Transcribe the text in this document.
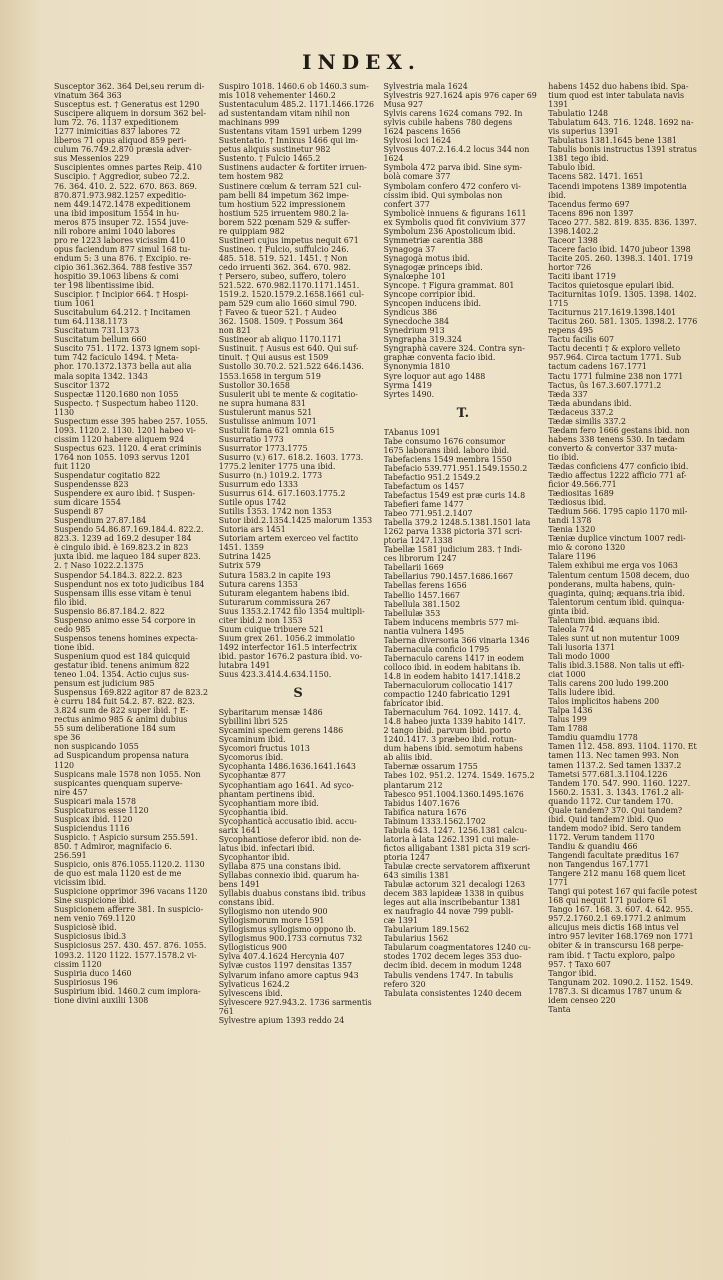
INDEX.

Susceptor 362. 364 Dei,seu rerum di-

vinatum 364 363

Susceptus est. † Generatus est 1290

Suscipere aliquem in dorsum 362 bel-

lum 72. 76. 1137 expeditionem

1277 inimicitias 837 labores 72

liberos 71 opus aliquod 859 peri-

culum 76.749.2.870 præsia adver-

sus Messenios 229

Suscipientes omnes partes Reip. 410

Suscipio. † Aggredior, subeo 72.2.

76. 364. 410. 2. 522. 670. 863. 869.

870.871.973.982.1257 expeditio-

nem 449.1472.1478 expeditionem

una ibid impositum 1554 in hu-

meros 875 insuper 72. 1554 juve-

nili robore animi 1040 labores

pro re 1223 labores vicissim 410

opus faciendum 877 simul 168 tu-

endum 5: 3 una 876. † Excipio. re-

cipio 361.362.364. 788 festive 357

hospitio 39.1063 libens & comi

ter 198 libentissime ibid.

Suscipior. † Incipior 664. † Hospi-

tium 1061

Suscitabulum 64.212. † Incitamen

tum 64.1138.1173

Suscitatum 731.1373

Suscitatum bellum 660

Suscito 751. 1172. 1373 ignem sopi-

tum 742 faciculo 1494. † Meta-

phor. 170.1372.1373 bella aut alia

mala sopita 1342. 1343

Suscitor 1372

Suspectæ 1120.1680 non 1055

Suspecto. † Suspectum habeo 1120.

1130

Suspectum esse 395 habeo 257. 1055.

1093. 1120.2. 1130. 1201 habeo vi-

cissim 1120 habere aliquem 924

Suspectus 623. 1120. 4 erat criminis

1764 non 1055. 1093 servus 1201

fuit 1120

Suspendatur cogitatio 822

Suspendensse 823

Suspendere ex auro ibid. † Suspen-

sum dicare 1554

Suspendi 87

Suspendium 27.87.184

Suspendo 54.86.87.169.184.4. 822.2.

823.3. 1239 ad 169.2 desuper 184

è cingulo ibid. è 169.823.2 in 823

juxta ibid. me laqueo 184 super 823.

2. † Naso 1022.2.1375

Suspendor 54.184.3. 822.2. 823

Suspendunt nos ex toto judicibus 184

Suspensam illis esse vitam è tenui

filo ibid.

Suspensio 86.87.184.2. 822

Suspenso animo esse 54 corpore in

cedo 985

Suspensos tenens homines expecta-

tione ibid.

Suspenium quod est 184 quicquid

gestatur ibid. tenens animum 822

teneo 1.04. 1354. Actio cujus sus-

pensum est judicium 985

Suspensus 169.822 agitor 87 de 823.2

è curru 184 fuit 54.2. 87. 822. 823.

3.824 sum de 822 super ibid. † E-

rectus animo 985 & animi dubius

55 sum deliberatione 184 sum

spe 36

non suspicando 1055

ad Suspicandum propensa natura

1120

Suspicans male 1578 non 1055. Non

suspicantes quenquam superve-

nire 457

Suspicari mala 1578

Suspicaturos esse 1120

Suspicax ibid. 1120

Suspiciendus 1116

Suspicio. † Aspicio sursum 255.591.

850. † Admiror, magnifacio 6.

256.591

Suspicio, onis 876.1055.1120.2. 1130

de quo est mala 1120 est de me

vicissim ibid.

Suspicione opprimor 396 vacans 1120

Sine suspicione ibid.

Suspicionem afferre 381. In suspicio-

nem venio 769.1120

Suspiciosè ibid.

Suspiciosus ibid.3

Suspiciosus 257. 430. 457. 876. 1055.

1093.2. 1120 1122. 1577.1578.2 vi-

cissim 1120

Suspiria duco 1460

Suspiriosus 196

Suspirium ibid. 1460.2 cum implora-

tione divini auxilii 1308

Suspiro 1018. 1460.6 ob 1460.3 sum-

mis 1018 vehementer 1460.2

Sustentaculum 485.2. 1171.1466.1726

ad sustentandam vitam nihil non

machinans 999

Sustentans vitam 1591 urbem 1299

Sustentatio. † Innixus 1466 qui im-

petus aliquis sustinetur 982

Sustento. † Fulcio 1465.2

Sustinens audacter & fortiter irruen-

tem hostem 982

Sustinere cœlum & terram 521 cul-

pam belli 84 impetum 362 impe-

tum hostium 522 impressionem

hostium 525 irruentem 980.2 la-

borem 522 pœnam 529 & suffer-

re quippiam 982

Sustineri cujus impetus nequit 671

Sustineo. † Fulcio, suffulcio 246.

485. 518. 519. 521. 1451. † Non

cedo irruenti 362. 364. 670. 982.

† Persero, subeo, suffero, tolero

521.522. 670.982.1170.1171.1451.

1519.2. 1520.1579.2.1658.1661 cul-

pam 529 cum alio 1660 simul 790.

† Faveo & tueor 521. † Audeo

362. 1508. 1509. † Possum 364

non 821

Sustineor ab aliquo 1170.1171

Sustinuit. † Ausus est 640. Qui suf-

tinuit. † Qui ausus est 1509

Sustollo 30.70.2. 521.522 646.1436.

1553.1658 in tergum 519

Sustollor 30.1658

Susulerit ubi te mente & cogitatio-

ne supra humana 831

Sustulerunt manus 521

Sustulisse animum 1071

Sustulit fama 621 omnia 615

Susurratio 1773

Susurrator 1773.1775

Susurro (v.) 617. 618.2. 1603. 1773.

1775.2 leniter 1775 una ibid.

Susurro (n.) 1019.2. 1773

Susurrum edo 1333

Susurrus 614. 617.1603.1775.2

Sutile opus 1742

Sutilis 1353. 1742 non 1353

Sutor ibid.2.1354.1425 malorum 1353

Sutoria ars 1451

Sutoriam artem exerceo vel factito

1451. 1359

Sutrina 1425

Sutrix 579

Sutura 1583.2 in capite 193

Sutura carens 1353

Suturam elegantem habens ibid.

Suturarum commissura 267

Suus 1353.2.1742 filo 1354 multipli-

citer ibid.2 non 1353

Suum cuique tribuere 521

Suum grex 261. 1056.2 immolatio

1492 interfector 161.5 interfectrix

ibid. pastor 1676.2 pastura ibid. vo-

lutabra 1491

Suus 423.3.414.4.634.1150.

S

Sybaritarum mensæ 1486

Sybillini libri 525

Sycamini speciem gerens 1486

Sycaminum ibid.

Sycomori fructus 1013

Sycomorus ibid.

Sycophanta 1486.1636.1641.1643

Sycophantæ 877

Sycophantiam ago 1641. Ad syco-

phantam pertinens ibid.

Sycophantiam more ibid.

Sycophantia ibid.

Sycophanticà accusatio ibid. accu-

sarix 1641

Sycophantiose deferor ibid. non de-

latus ibid. infectari ibid.

Sycophantor ibid.

Syllaba 875 una constans ibid.

Syllabas connexio ibid. quarum ha-

bens 1491

Syllabis duabus constans ibid. tribus

constans ibid.

Syllogismo non utendo 900

Syllogismorum more 1591

Syllogismus syllogismo oppono ib.

Syllogismus 900.1733 cornutus 732

Syllogisticus 900

Sylva 407.4.1624 Hercynia 407

Sylvæ custos 1197 densitas 1357

Sylvarum infano amore captus 943

Sylvaticus 1624.2

Sylvescens ibid.

Sylvescere 927.943.2. 1736 sarmentis

761

Sylvestre apium 1393 reddo 24

Sylvestria mala 1624

Sylvestris 927.1624 apis 976 caper 69

Musa 927

Sylvis carens 1624 comans 792. In

sylvis cubile habens 780 degens

1624 pascens 1656

Sylvosi loci 1624

Sylvosus 407.2.16.4.2 locus 344 non

1624

Symbola 472 parva ibid. Sine sym-

bolà comare 377

Symbolam confero 472 confero vi-

cissim ibid. Qui symbolas non

confert 377

Symbolicè innuens & figurans 1611

ex Symbolis quod fit convivium 377

Symbolum 236 Apostolicum ibid.

Symmetriæ carentia 388

Synagoga 37

Synagogà motus ibid.

Synagogæ princeps ibid.

Synalœphe 101

Syncope. † Figura grammat. 801

Syncope corripior ibid.

Syncopen inducens ibid.

Syndicus 386

Synecdoche 384

Synedrium 913

Syngrapha 319.324

Syngraphà cavere 324. Contra syn-

graphæ conventa facio ibid.

Synonymia 1810

Syre loquor aut ago 1488

Syrma 1419

Syrtes 1490.

T.

TAbanus 1091

Tabe consumo 1676 consumor

1675 laborans ibid. laboro ibid.

Tabefaciens 1549 membra 1550

Tabefacio 539.771.951.1549.1550.2

Tabefactio 951.2 1549.2

Tabefactum os 1457

Tabefactus 1549 est præ curis 14.8

Tabefieri fame 1477

Tabeo 771.951.2.1407

Tabella 379.2 1248.5.1381.1501 lata

1262 parva 1338 pictoria 371 scri-

ptoria 1247.1338

Tabellæ 1581 judicium 283. † Indi-

ces librorum 1247

Tabellarii 1669

Tabellarius 790.1457.1686.1667

Tabellas ferens 1656

Tabellio 1457.1667

Tabellula 381.1502

Tabellulæ 353

Tabem inducens membris 577 mi-

nantia vulnera 1495

Taberna diversoria 366 vinaria 1346

Tabernacula conficio 1795

Tabernaculo carens 1417 in eodem

colloco ibid. in eodem habitans ib.

14.8 in eodem habito 1417.1418.2

Tabernaculorum collocatio 1417

compactio 1240 fabricatio 1291

fabricator ibid.

Tabernaculum 764. 1092. 1417. 4.

14.8 habeo juxta 1339 habito 1417.

2 tango ibid. parvum ibid. porto

1240.1417. 3 præbeo ibid. rotun-

dum habens ibid. semotum habens

ab aliis ibid.

Tabernæ ossarum 1755

Tabes 102. 951.2. 1274. 1549. 1675.2

plantarum 212

Tabesco 951.1004.1360.1495.1676

Tabidus 1407.1676

Tabifica natura 1676

Tabinum 1333.1562.1702

Tabula 643. 1247. 1256.1381 calcu-

latoria à lata 1262.1391 cui male-

fictos alligabant 1381 picta 319 scri-

ptoria 1247

Tabulæ crecte servatorem affixerunt

643 similis 1381

Tabulæ actorum 321 decalogi 1263

decem 383 lapideæ 1338 in quibus

leges aut alia inscribebantur 1381

ex naufragio 44 novæ 799 publi-

cæ 1391

Tabularium 189.1562

Tabularius 1562

Tabularum coagmentatores 1240 cu-

stodes 1702 decem leges 353 duo-

decim ibid. decem in modum 1248

Tabulis vendens 1747. In tabulis

refero 320

Tabulata consistentes 1240 decem

habens 1452 duo habens ibid. Spa-

tium quod est inter tabulata navis

1391

Tabulatio 1248

Tabulatum 643. 716. 1248. 1692 na-

vis superius 1391

Tabulatus 1381.1645 bene 1381

Tabulis bonis instructus 1391 stratus

1381 tego ibid.

Tabulo ibid.

Tacens 582. 1471. 1651

Tacendi impotens 1389 impotentia

ibid.

Tacendus fermo 697

Tacens 896 non 1397

Taceo 277. 582. 819. 835. 836. 1397.

1398.1402.2

Taceor 1398

Tacere facio ibid. 1470 jubeor 1398

Tacite 205. 260. 1398.3. 1401. 1719

hortor 726

Taciti ibant 1719

Tacitos quietosque epulari ibid.

Taciturnitas 1019. 1305. 1398. 1402.

1715

Taciturnus 217.1619.1398.1401

Tacitus 260. 581. 1305. 1398.2. 1776

repens 495

Tactu facilis 607

Tactu decenti † & exploro velleto

957.964. Circa tactum 1771. Sub

tactum cadens 167.1771

Tactu 1771 fulmine 238 non 1771

Tactus, ûs 167.3.607.1771.2

Tæda 337

Tæda abundans ibid.

Tædaceus 337.2

Tædæ similis 337.2

Tædam fero 1666 gestans ibid. non

habens 338 tenens 530. In tædam

converto & convertor 337 muta-

tio ibid.

Tædas conficiens 477 conficio ibid.

Tædio affectus 1222 afficio 771 af-

ficior 49.566.771

Tædiositas 1689

Tædiosus ibid.

Tædium 566. 1795 capio 1170 mil-

tandi 1378

Tænia 1320

Tæniæ duplice vinctum 1007 redi-

mio & corono 1320

Talare 1196

Talem exhibui me erga vos 1063

Talentum centum 1508 decem, duo

ponderans, multa habens, quin-

quaginta, quinq; æquans.tria ibid.

Talentorum centum ibid. quinqua-

ginta ibid.

Talentum ibid. æquans ibid.

Taleola 774

Tales sunt ut non mutentur 1009

Tali lusoria 1371

Tali modo 1000

Talis ibid.3.1588. Non talis ut effi-

ciat 1000

Talis carens 200 ludo 199.200

Talis ludere ibid.

Talos implicitos habens 200

Talpa 1436

Talus 199

Tam 1788

Tamdiu quamdiu 1778

Tamen 112. 458. 893. 1104. 1170. Et

tamen 113. Nec tamen 993. Non

tamen 1137.2. Sed tamen 1337.2

Tametsi 577.681.3.1104.1226

Tandem 170. 547. 990. 1160. 1227.

1560.2. 1531. 3. 1343. 1761.2 ali-

quando 1172. Cur tandem 170.

Quale tandem? 370. Qui tandem?

ibid. Quid tandem? ibid. Quo

tandem modo? ibid. Sero tandem

1172. Verum tandem 1170

Tandiu & quandiu 466

Tangendi facultate præditus 167

non Tangendus 167.1771

Tangere 212 manu 168 quem licet

1771

Tangi qui potest 167 qui facile potest

168 qui nequit 171 pudore 61

Tango 167. 168. 3. 607. 4. 642. 955.

957.2.1760.2.1 69.1771.2 animum

alicujus meis dictis 168 intus vel

intro 957 leviter 168.1769 non 1771

obiter & in transcursu 168 perpe-

ram ibid. † Tactu exploro, palpo

957. † Taxo 607

Tangor ibid.

Tangunam 202. 1090.2. 1152. 1549.

1787.3. Si dicamus 1787 unum &

idem censeo 220

Tanta
